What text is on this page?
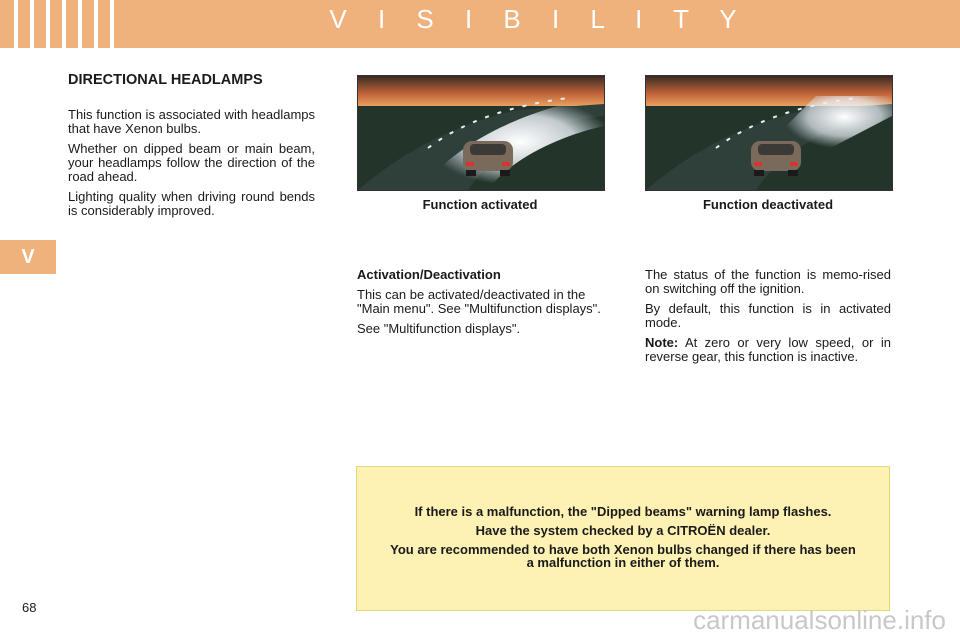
V I S I B I L I T Y
V
DIRECTIONAL HEADLAMPS

This function is associated with headlamps that have Xenon bulbs.

Whether on dipped beam or main beam, your headlamps follow the direction of the road ahead.

Lighting quality when driving round bends is considerably improved.	Function activated	Function deactivated

Activation/Deactivation

This can be activated/deactivated in the "Main menu". See "Multifunction displays".

See "Multifunction displays".

The status of the function is memo-rised on switching off the ignition.

By default, this function is in activated mode.

Note: At zero or very low speed, or in reverse gear, this function is inactive.

If there is a malfunction, the "Dipped beams" warning lamp flashes.

Have the system checked by a CITROËN dealer.

You are recommended to have both Xenon bulbs changed if there has been a malfunction in either of them.

68	carmanualsonline.info
